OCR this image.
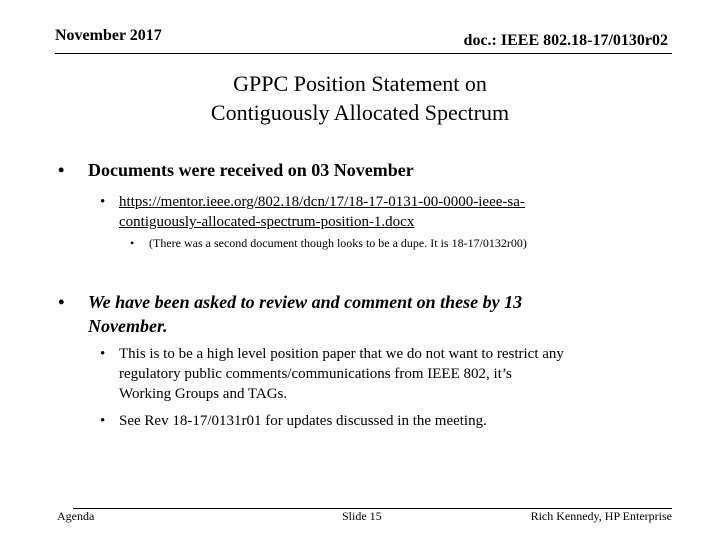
November 2017	doc.: IEEE 802.18-17/0130r02
GPPC Position Statement on
Contiguously Allocated Spectrum
• Documents were received on 03 November
• https://mentor.ieee.org/802.18/dcn/17/18-17-0131-00-0000-ieee-sa-
contiguously-allocated-spectrum-position-1.docx
• (There was a second document though looks to be a dupe. It is 18-17/0132r00)
• We have been asked to review and comment on these by 13
November.
• This is to be a high level position paper that we do not want to restrict any
regulatory public comments/communications from IEEE 802, it’s
Working Groups and TAGs.
• See Rev 18-17/0131r01 for updates discussed in the meeting.
Agenda	Slide 15	Rich Kennedy, HP Enterprise
